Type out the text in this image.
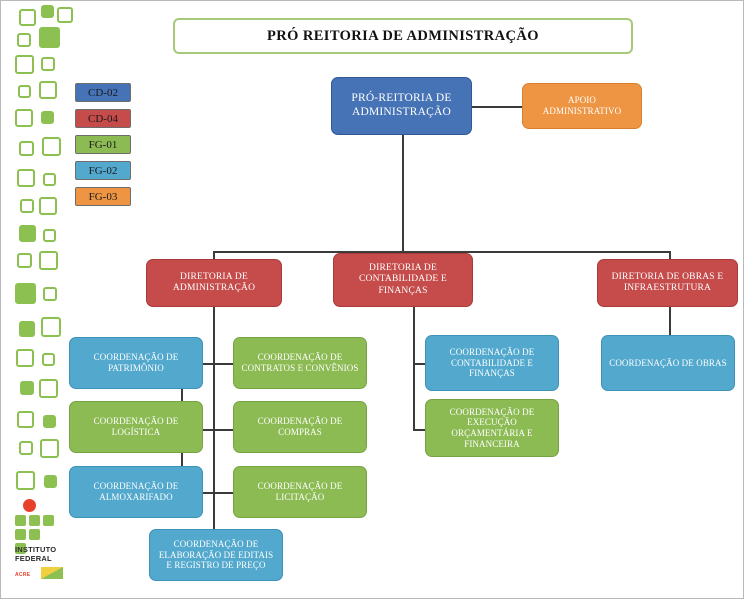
INSTITUTO
FEDERAL
ACRE
CD-02
CD-04
FG-01
FG-02
FG-03
PRÓ REITORIA DE ADMINISTRAÇÃO
PRÓ-REITORIA DE ADMINISTRAÇÃO
APOIO ADMINISTRATIVO
DIRETORIA DE ADMINISTRAÇÃO
DIRETORIA DE CONTABILIDADE E FINANÇAS
DIRETORIA DE OBRAS E INFRAESTRUTURA
COORDENAÇÃO DE PATRIMÔNIO
COORDENAÇÃO DE CONTRATOS E CONVÊNIOS
COORDENAÇÃO DE CONTABILIDADE E FINANÇAS
COORDENAÇÃO DE OBRAS
COORDENAÇÃO DE LOGÍSTICA
COORDENAÇÃO DE COMPRAS
COORDENAÇÃO DE EXECUÇÃO ORÇAMENTÁRIA E FINANCEIRA
COORDENAÇÃO DE ALMOXARIFADO
COORDENAÇÃO DE LICITAÇÃO
COORDENAÇÃO DE ELABORAÇÃO DE EDITAIS E REGISTRO DE PREÇO
